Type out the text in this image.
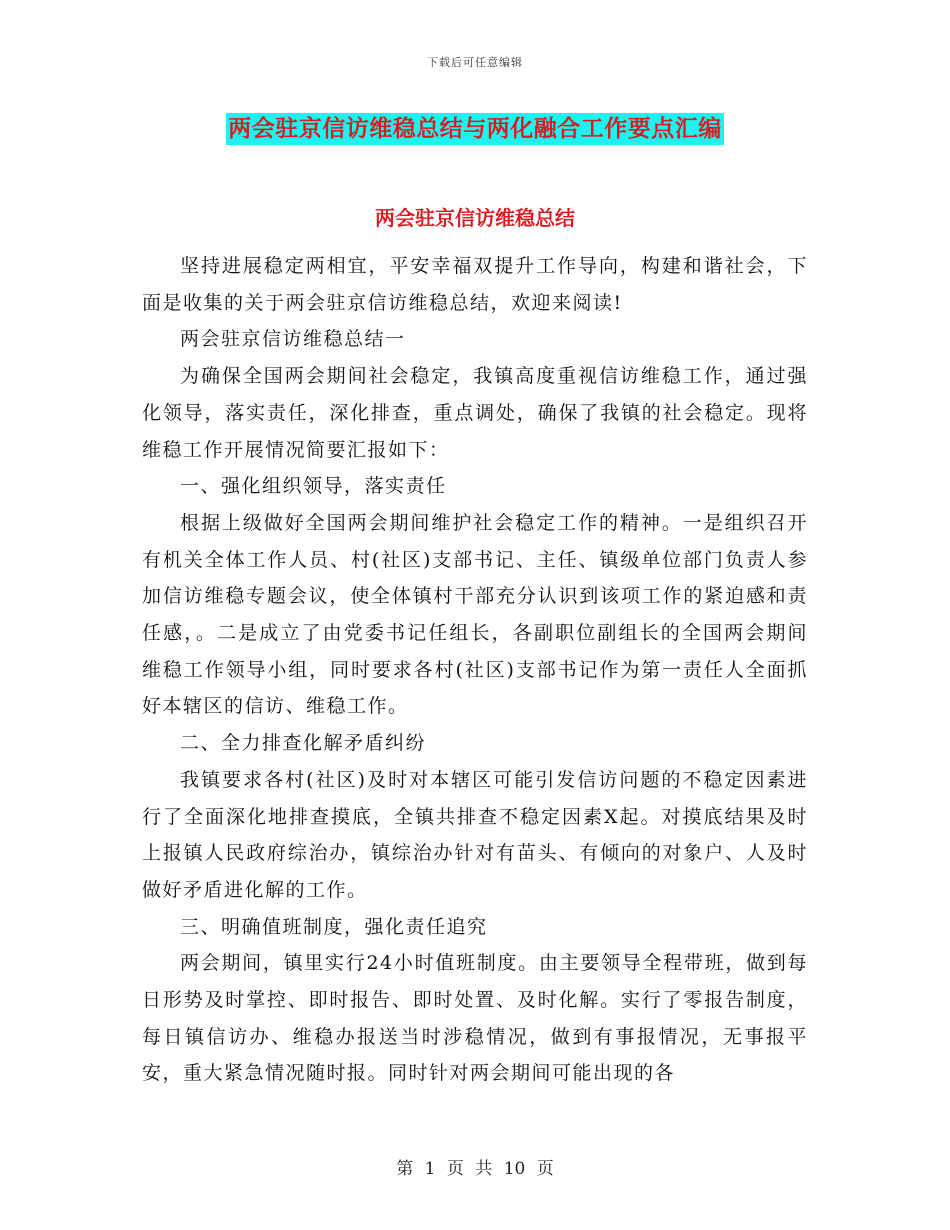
下载后可任意编辑
两会驻京信访维稳总结与两化融合工作要点汇编
两会驻京信访维稳总结

坚持进展稳定两相宜，平安幸福双提升工作导向，构建和谐社会，下面是收集的关于两会驻京信访维稳总结，欢迎来阅读!

两会驻京信访维稳总结一

为确保全国两会期间社会稳定，我镇高度重视信访维稳工作，通过强化领导，落实责任，深化排查，重点调处，确保了我镇的社会稳定。现将维稳工作开展情况简要汇报如下：

一、强化组织领导，落实责任

根据上级做好全国两会期间维护社会稳定工作的精神。一是组织召开有机关全体工作人员、村(社区)支部书记、主任、镇级单位部门负责人参加信访维稳专题会议，使全体镇村干部充分认识到该项工作的紧迫感和责任感，。二是成立了由党委书记任组长，各副职位副组长的全国两会期间维稳工作领导小组，同时要求各村(社区)支部书记作为第一责任人全面抓好本辖区的信访、维稳工作。

二、全力排查化解矛盾纠纷

我镇要求各村(社区)及时对本辖区可能引发信访问题的不稳定因素进行了全面深化地排查摸底，全镇共排查不稳定因素X起。对摸底结果及时上报镇人民政府综治办，镇综治办针对有苗头、有倾向的对象户、人及时做好矛盾进化解的工作。

三、明确值班制度，强化责任追究

两会期间，镇里实行24小时值班制度。由主要领导全程带班，做到每日形势及时掌控、即时报告、即时处置、及时化解。实行了零报告制度，每日镇信访办、维稳办报送当时涉稳情况，做到有事报情况，无事报平安，重大紧急情况随时报。同时针对两会期间可能出现的各

第 1 页 共 10 页
